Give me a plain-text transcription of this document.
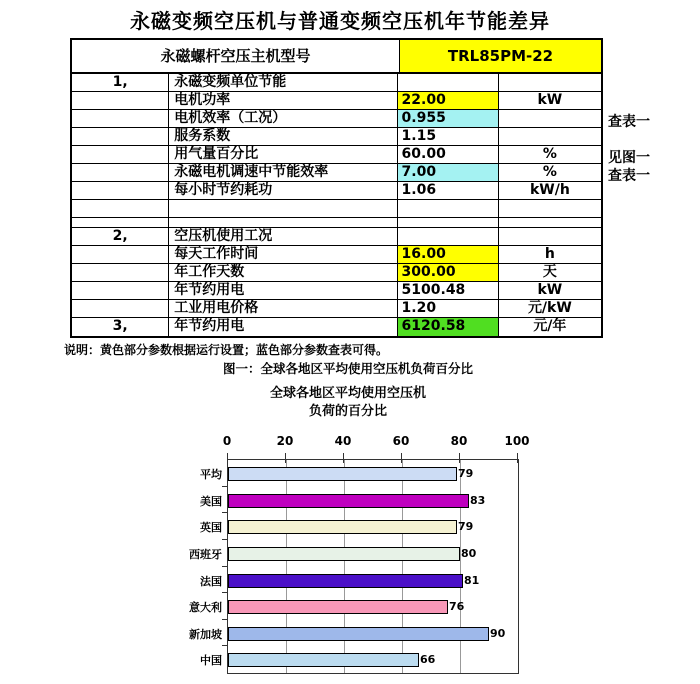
永磁变频空压机与普通变频空压机年节能差异
永磁螺杆空压主机型号	TRL85PM-22
1,	永磁变频单位节能
电机功率	22.00	kW
电机效率（工况）	0.955
服务系数	1.15
用气量百分比	60.00	%
永磁电机调速中节能效率	7.00	%
每小时节约耗功	1.06	kW/h
2,	空压机使用工况
每天工作时间	16.00	h
年工作天数	300.00	天
年节约用电	5100.48	kW
工业用电价格	1.20	元/kW
3,	年节约用电	6120.58	元/年
查表一
见图一
查表一
说明：黄色部分参数根据运行设置；蓝色部分参数查表可得。
图一：全球各地区平均使用空压机负荷百分比
全球各地区平均使用空压机
负荷的百分比
0	20	40	60	80	100
平均	79
美国	83
英国	79
西班牙	80
法国	81
意大利	76
新加坡	90
中国	66
